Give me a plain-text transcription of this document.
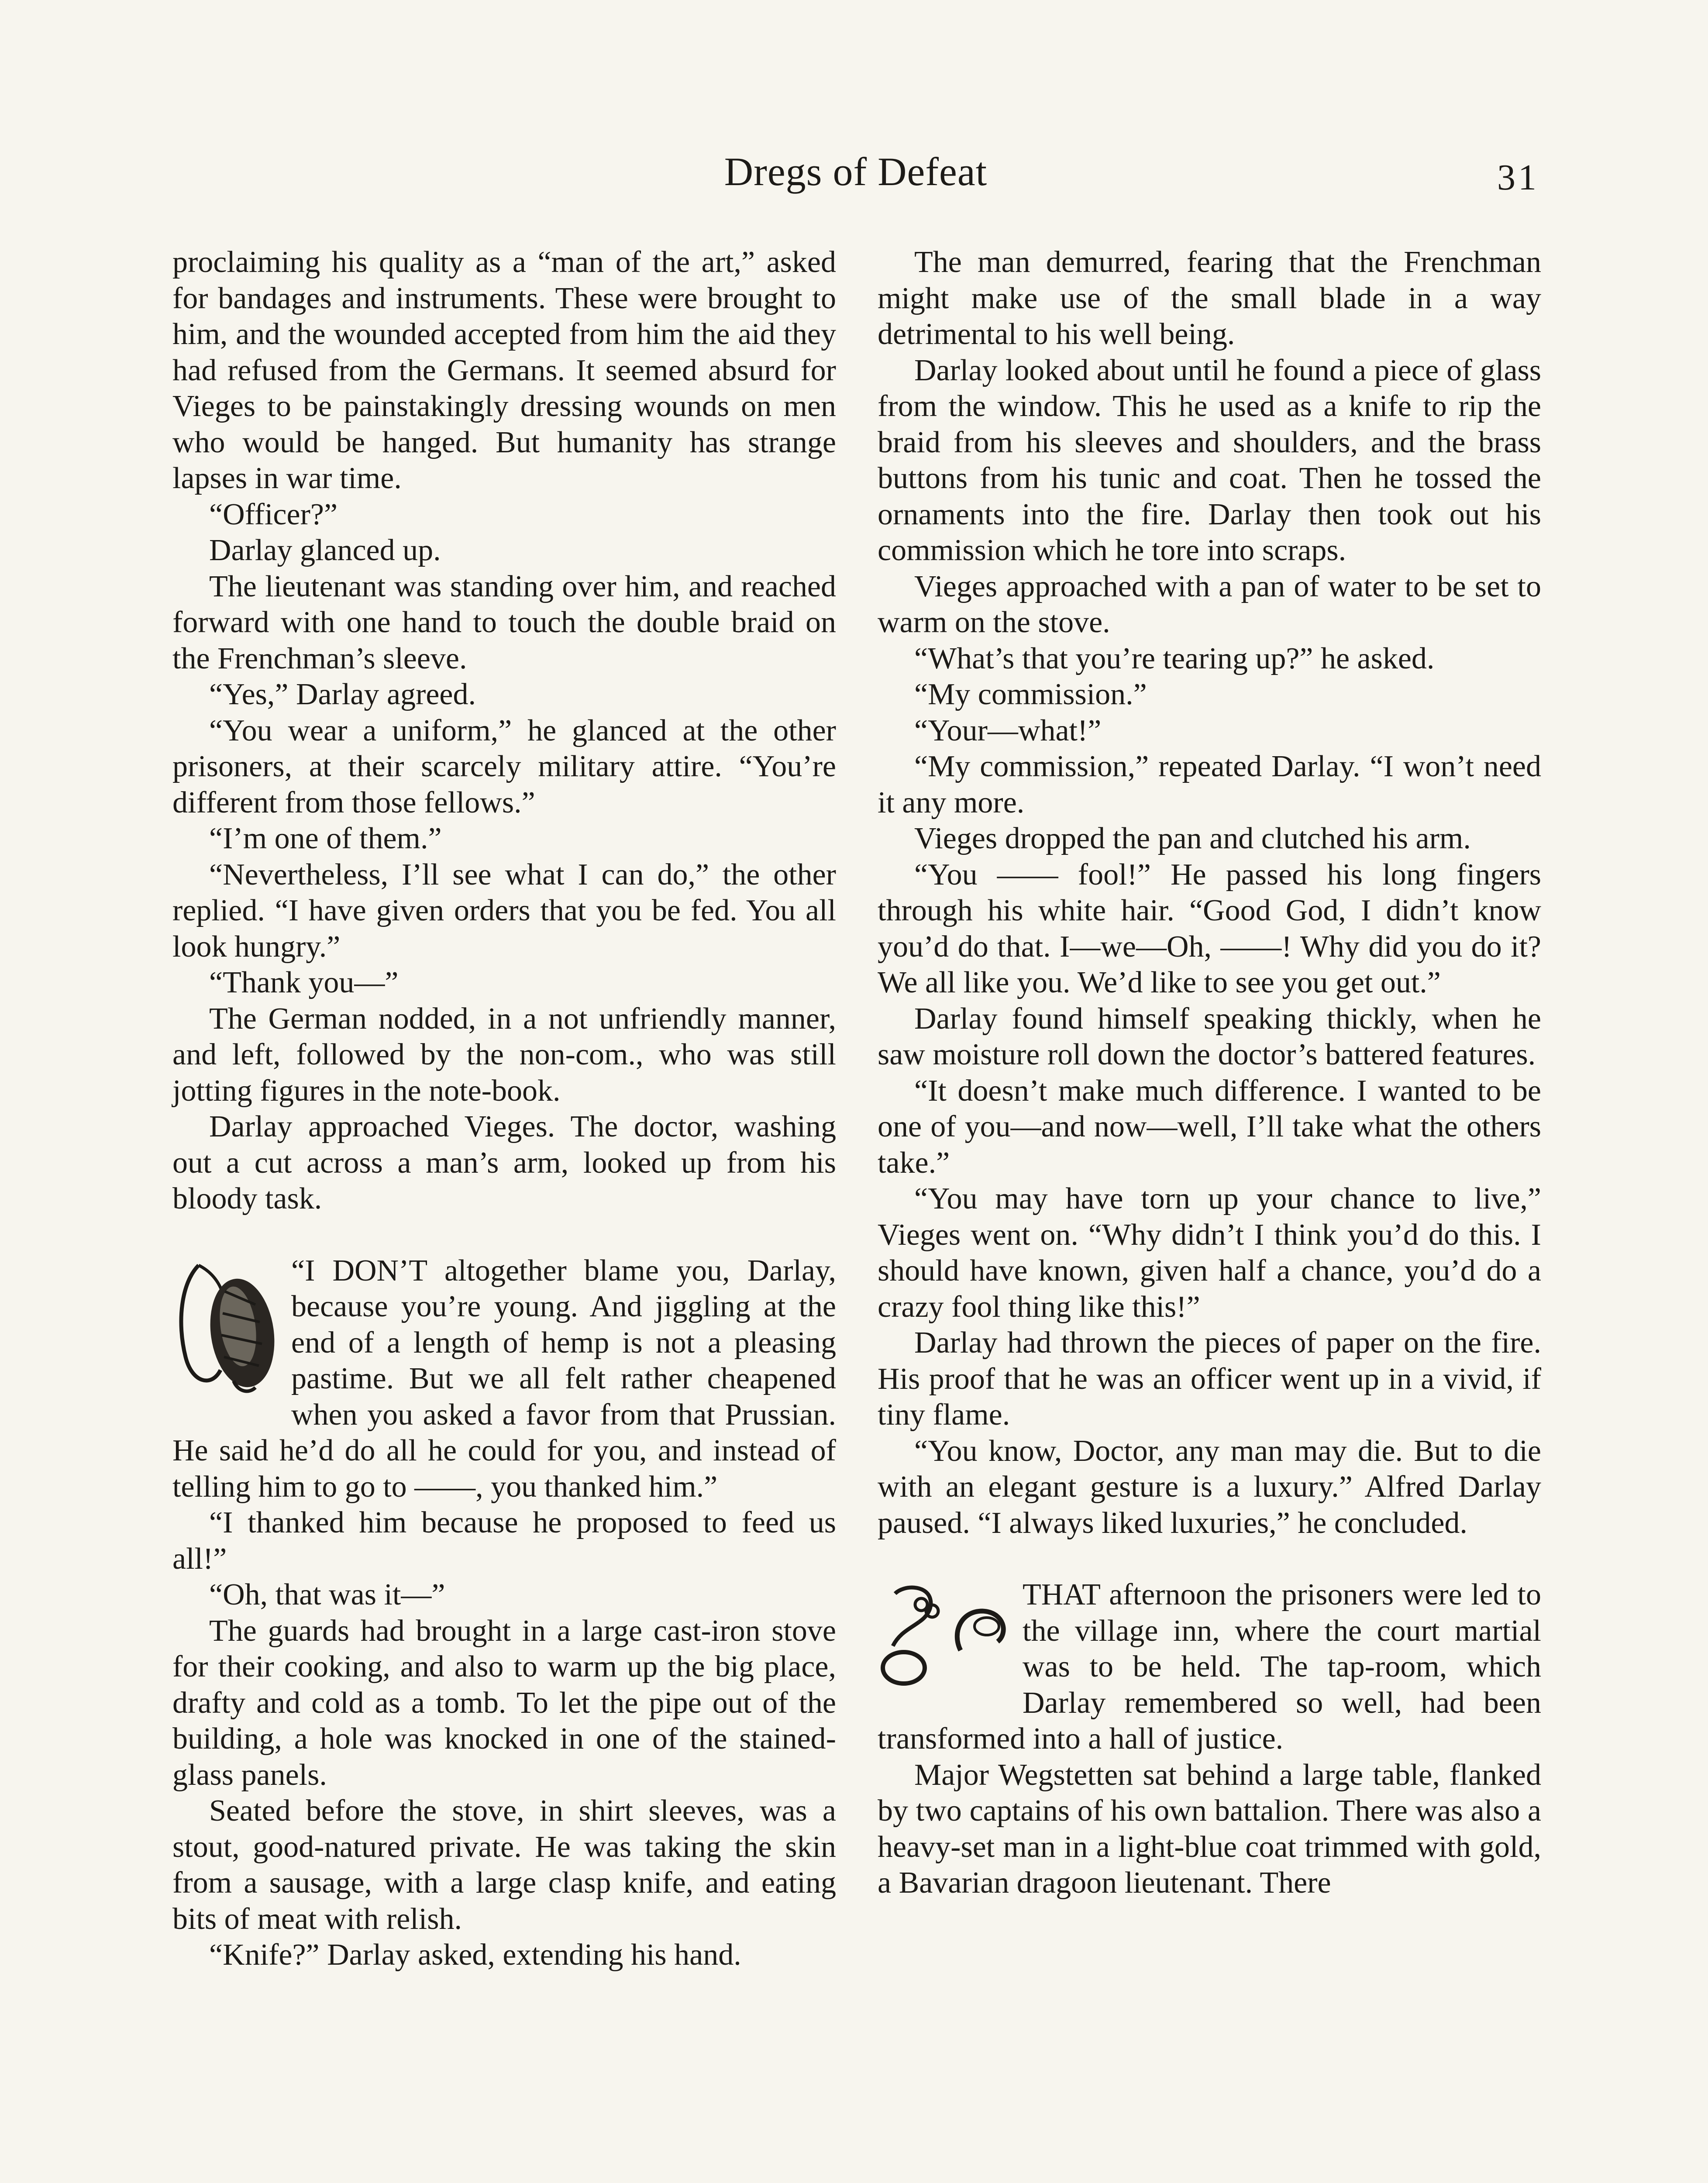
Dregs of Defeat	31

proclaiming his quality as a “man of the art,” asked for bandages and instruments. These were brought to him, and the wounded accepted from him the aid they had refused from the Germans. It seemed absurd for Vieges to be painstakingly dressing wounds on men who would be hanged. But humanity has strange lapses in war time.

“Officer?”

Darlay glanced up.

The lieutenant was standing over him, and reached forward with one hand to touch the double braid on the Frenchman’s sleeve.

“Yes,” Darlay agreed.

“You wear a uniform,” he glanced at the other prisoners, at their scarcely military attire. “You’re different from those fellows.”

“I’m one of them.”

“Nevertheless, I’ll see what I can do,” the other replied. “I have given orders that you be fed. You all look hungry.”

“Thank you—”

The German nodded, in a not unfriendly manner, and left, followed by the non-com., who was still jotting figures in the note-book.

Darlay approached Vieges. The doctor, washing out a cut across a man’s arm, looked up from his bloody task.

“I DON’T altogether blame you, Darlay, because you’re young. And jiggling at the end of a length of hemp is not a pleasing pastime. But we all felt rather cheapened when you asked a favor from that Prussian. He said he’d do all he could for you, and instead of telling him to go to ——, you thanked him.”

“I thanked him because he proposed to feed us all!”

“Oh, that was it—”

The guards had brought in a large cast-iron stove for their cooking, and also to warm up the big place, drafty and cold as a tomb. To let the pipe out of the building, a hole was knocked in one of the stained-glass panels.

Seated before the stove, in shirt sleeves, was a stout, good-natured private. He was taking the skin from a sausage, with a large clasp knife, and eating bits of meat with relish.

“Knife?” Darlay asked, extending his hand.

The man demurred, fearing that the Frenchman might make use of the small blade in a way detrimental to his well being.

Darlay looked about until he found a piece of glass from the window. This he used as a knife to rip the braid from his sleeves and shoulders, and the brass buttons from his tunic and coat. Then he tossed the ornaments into the fire. Darlay then took out his commission which he tore into scraps.

Vieges approached with a pan of water to be set to warm on the stove.

“What’s that you’re tearing up?” he asked.

“My commission.”

“Your—what!”

“My commission,” repeated Darlay. “I won’t need it any more.

Vieges dropped the pan and clutched his arm.

“You —— fool!” He passed his long fingers through his white hair. “Good God, I didn’t know you’d do that. I—we—Oh, ——! Why did you do it? We all like you. We’d like to see you get out.”

Darlay found himself speaking thickly, when he saw moisture roll down the doctor’s battered features.

“It doesn’t make much difference. I wanted to be one of you—and now—well, I’ll take what the others take.”

“You may have torn up your chance to live,” Vieges went on. “Why didn’t I think you’d do this. I should have known, given half a chance, you’d do a crazy fool thing like this!”

Darlay had thrown the pieces of paper on the fire. His proof that he was an officer went up in a vivid, if tiny flame.

“You know, Doctor, any man may die. But to die with an elegant gesture is a luxury.” Alfred Darlay paused. “I always liked luxuries,” he concluded.

THAT afternoon the prisoners were led to the village inn, where the court martial was to be held. The tap-room, which Darlay remembered so well, had been transformed into a hall of justice.

Major Wegstetten sat behind a large table, flanked by two captains of his own battalion. There was also a heavy-set man in a light-blue coat trimmed with gold, a Bavarian dragoon lieutenant. There
